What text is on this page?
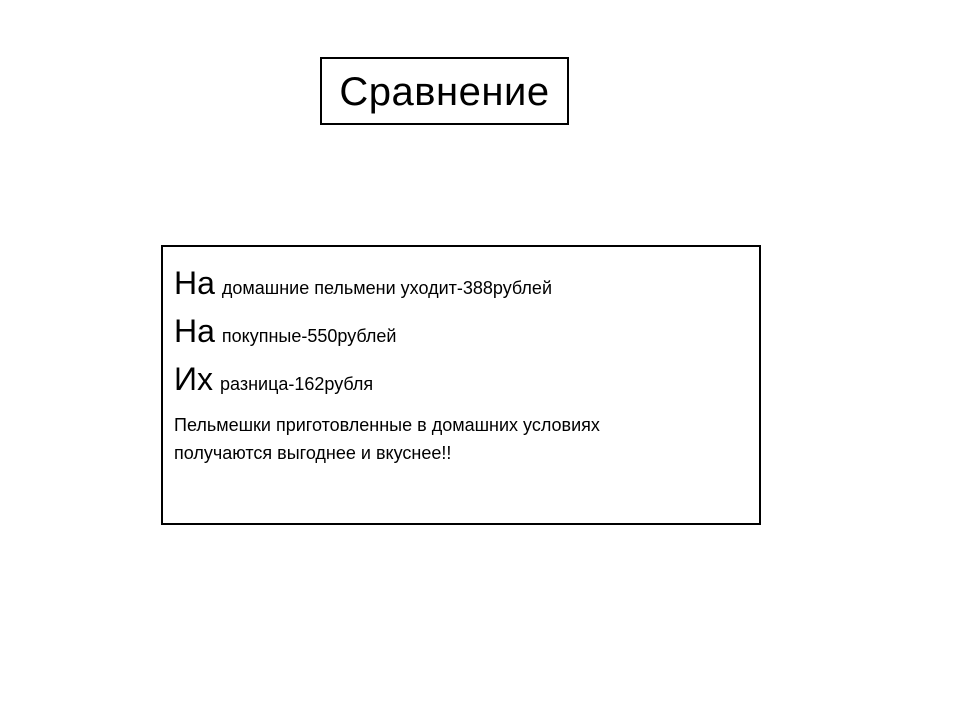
Сравнение
На домашние пельмени уходит-388рублей
На покупные-550рублей
Их разница-162рубля
Пельмешки приготовленные в домашних условиях
получаются выгоднее и вкуснее!!
